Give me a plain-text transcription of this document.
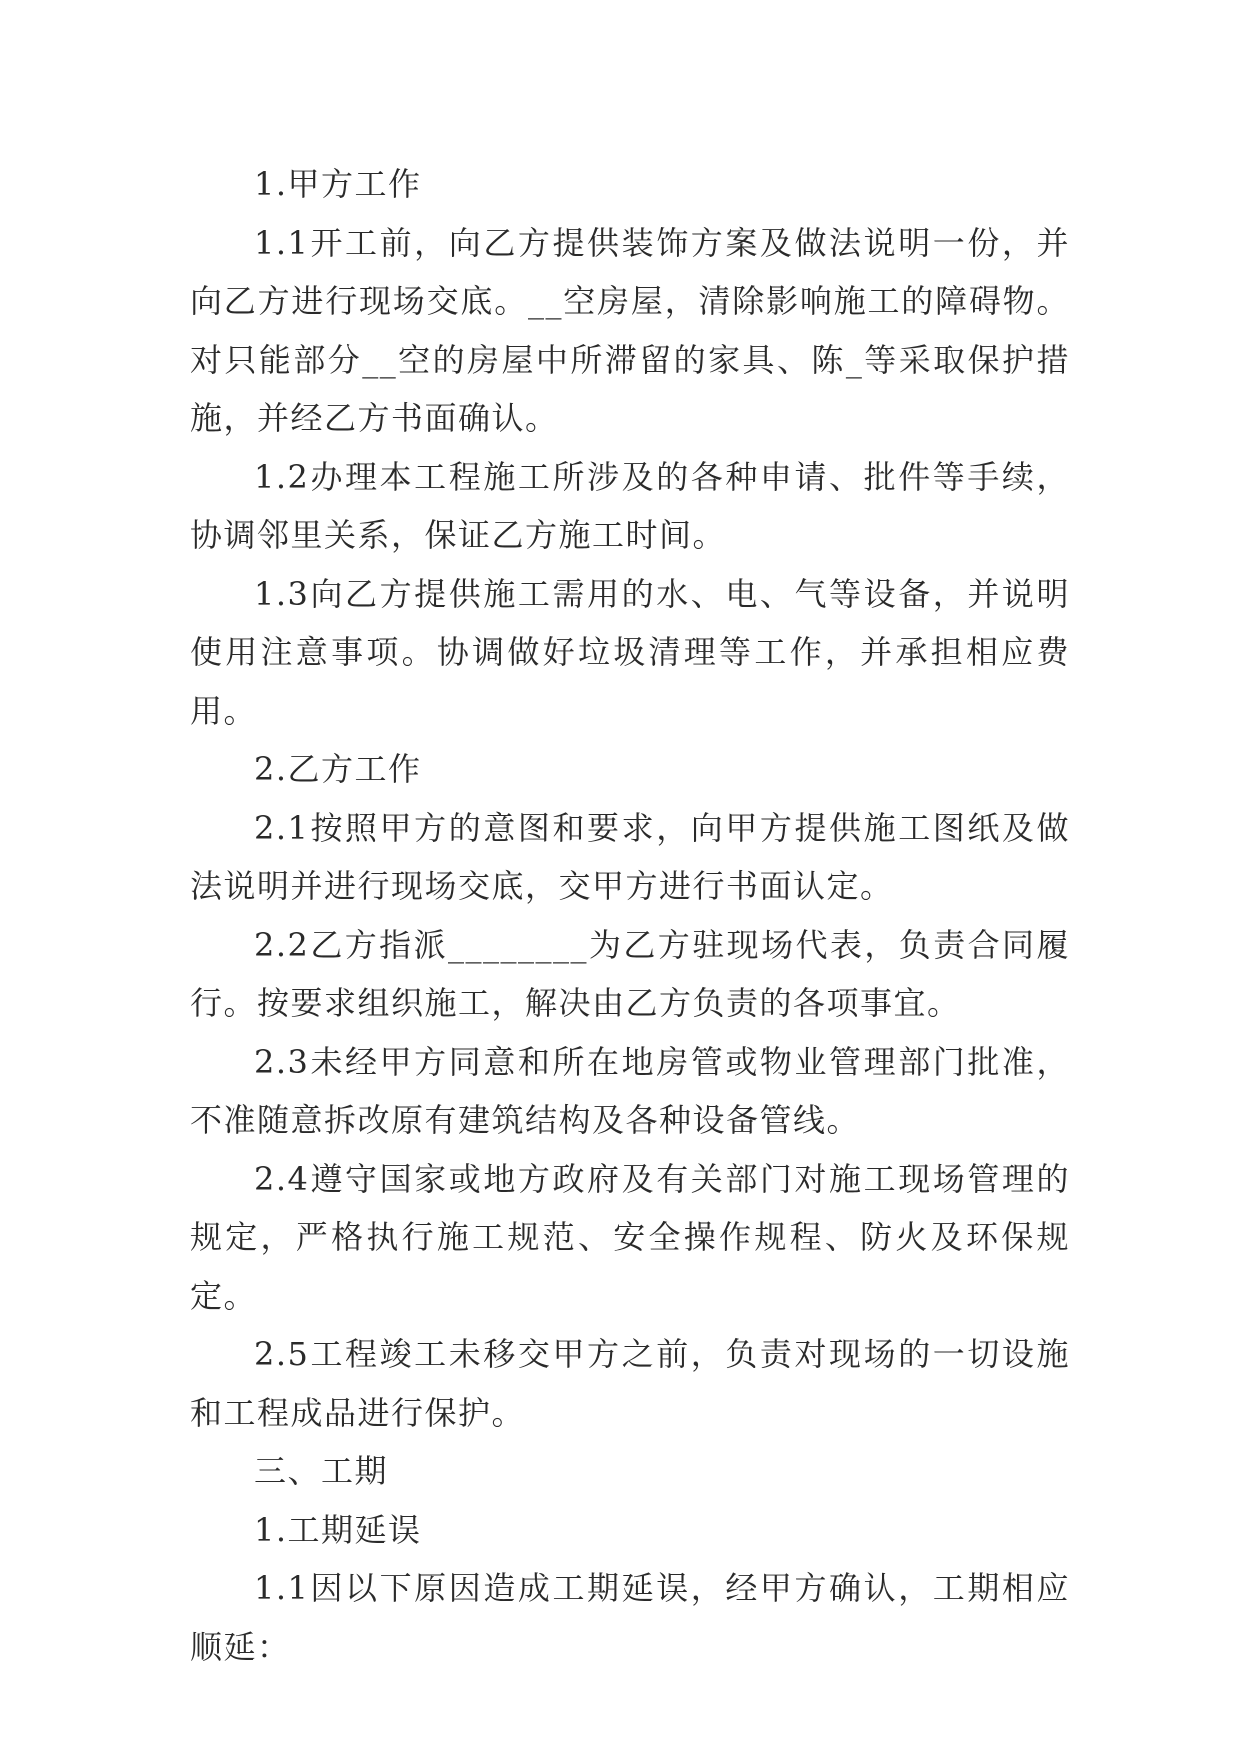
1.甲方工作

1.1开工前，向乙方提供装饰方案及做法说明一份，并向乙方进行现场交底。__空房屋，清除影响施工的障碍物。对只能部分__空的房屋中所滞留的家具、陈_等采取保护措施，并经乙方书面确认。

1.2办理本工程施工所涉及的各种申请、批件等手续，协调邻里关系，保证乙方施工时间。

1.3向乙方提供施工需用的水、电、气等设备，并说明使用注意事项。协调做好垃圾清理等工作，并承担相应费用。

2.乙方工作

2.1按照甲方的意图和要求，向甲方提供施工图纸及做法说明并进行现场交底，交甲方进行书面认定。

2.2乙方指派________为乙方驻现场代表，负责合同履行。按要求组织施工，解决由乙方负责的各项事宜。

2.3未经甲方同意和所在地房管或物业管理部门批准，不准随意拆改原有建筑结构及各种设备管线。

2.4遵守国家或地方政府及有关部门对施工现场管理的规定，严格执行施工规范、安全操作规程、防火及环保规定。

2.5工程竣工未移交甲方之前，负责对现场的一切设施和工程成品进行保护。

三、工期

1.工期延误

1.1因以下原因造成工期延误，经甲方确认，工期相应顺延：
